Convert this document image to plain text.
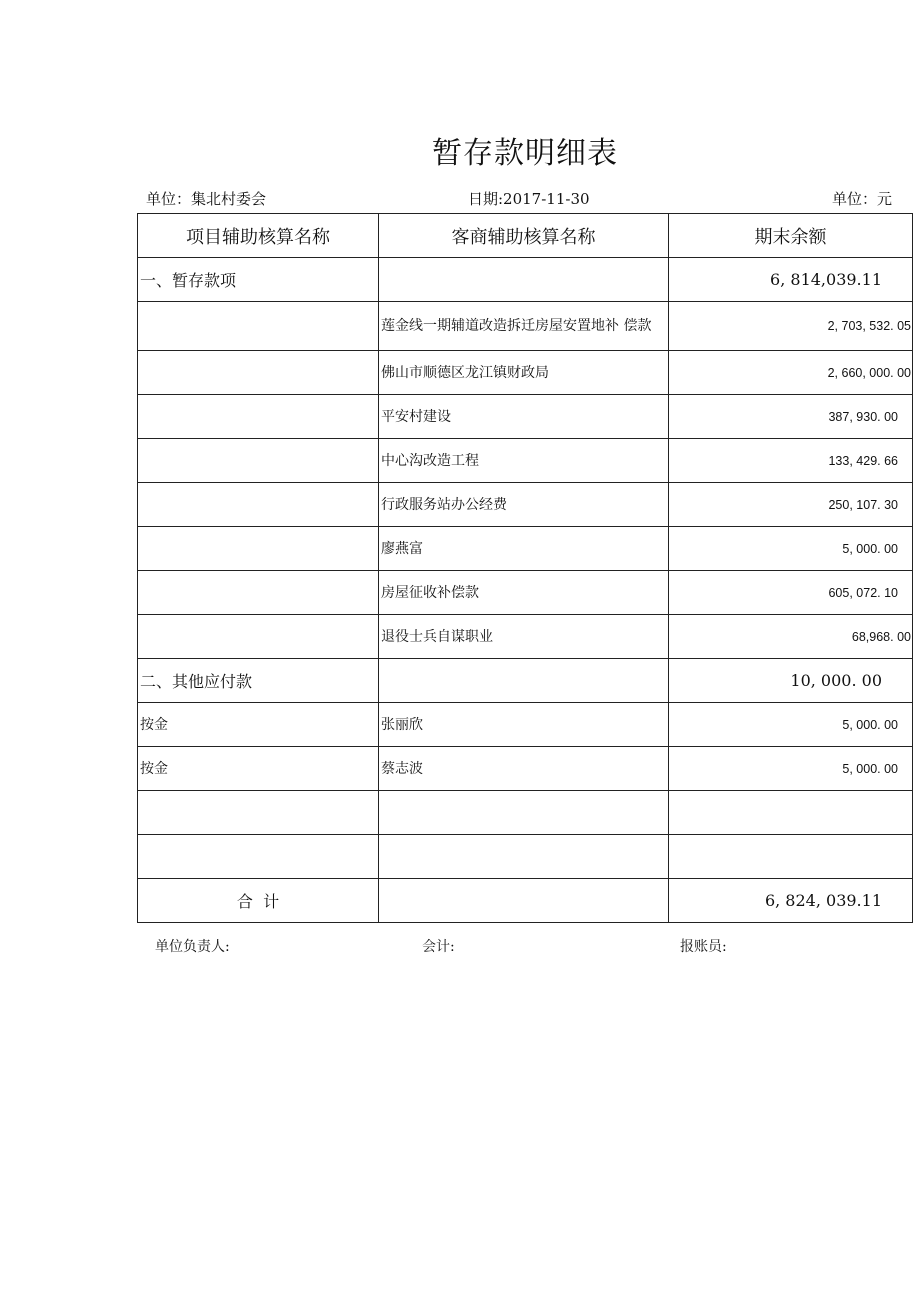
暂存款明细表
单位：集北村委会	日期:2017-11-30	单位：元
项目辅助核算名称	客商辅助核算名称	期末余额
一、暂存款项		6, 814,039.11
	莲金线一期辅道改造拆迁房屋安置地补 偿款	2, 703, 532. 05
	佛山市顺德区龙江镇财政局	2, 660, 000. 00
	平安村建设	387, 930. 00
	中心沟改造工程	133, 429. 66
	行政服务站办公经费	250, 107. 30
	廖燕富	5, 000. 00
	房屋征收补偿款	605, 072. 10
	退役士兵自谋职业	68,968. 00
二、其他应付款		10, 000. 00
按金	张丽欣	5, 000. 00
按金	蔡志波	5, 000. 00

合  计		6, 824, 039.11
单位负责人:	会计:	报账员:
